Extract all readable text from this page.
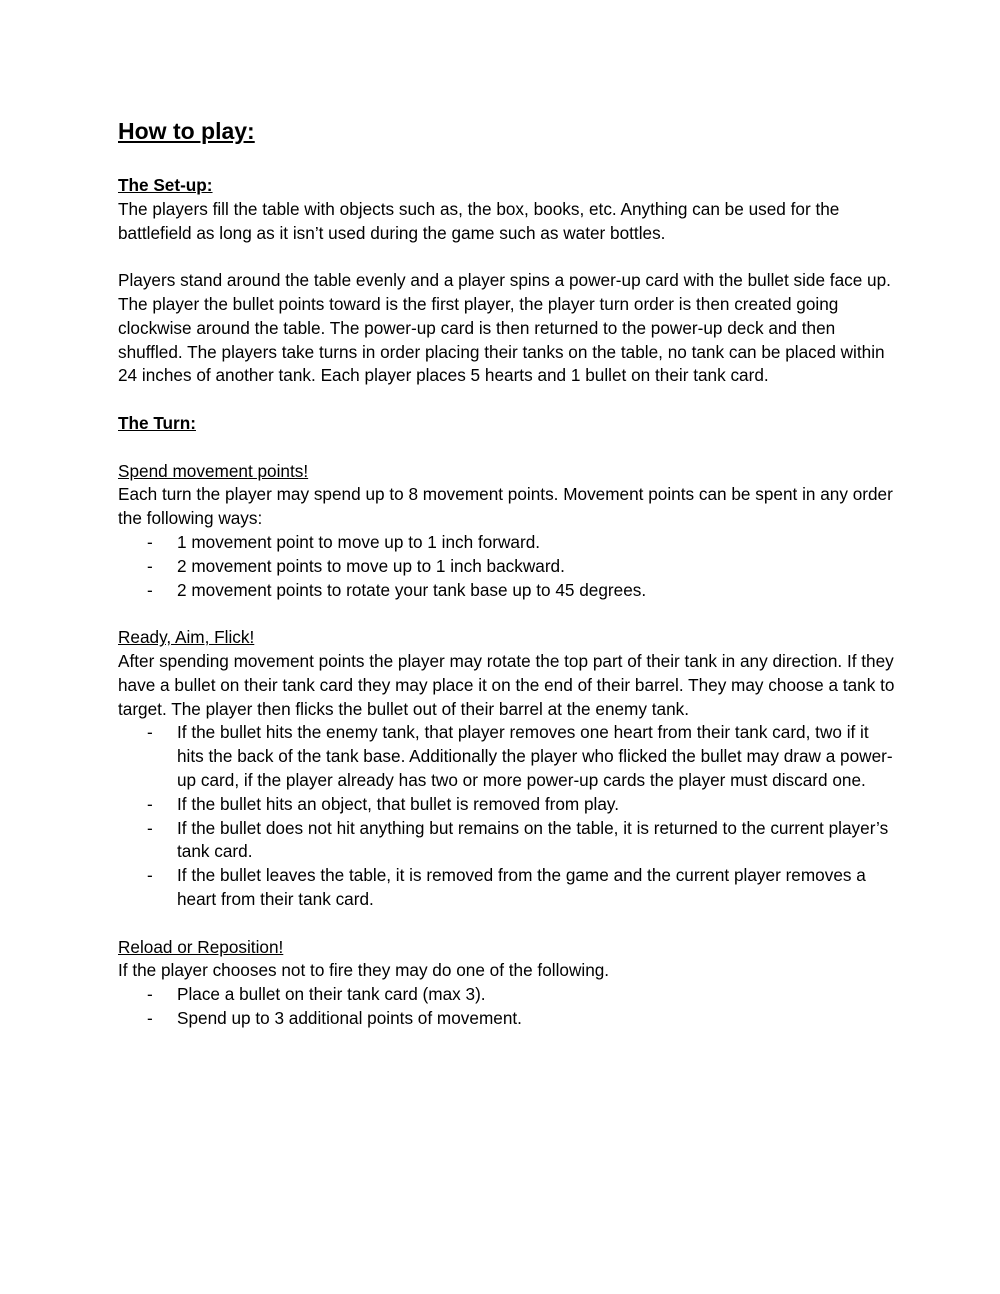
How to play:
The Set-up:

The players fill the table with objects such as, the box, books, etc. Anything can be used for the battlefield as long as it isn’t used during the game such as water bottles.

Players stand around the table evenly and a player spins a power-up card with the bullet side face up. The player the bullet points toward is the first player, the player turn order is then created going clockwise around the table. The power-up card is then returned to the power-up deck and then shuffled. The players take turns in order placing their tanks on the table, no tank can be placed within 24 inches of another tank. Each player places 5 hearts and 1 bullet on their tank card.

The Turn:
Spend movement points!

Each turn the player may spend up to 8 movement points. Movement points can be spent in any order the following ways:

- 1 movement point to move up to 1 inch forward.
- 2 movement points to move up to 1 inch backward.
- 2 movement points to rotate your tank base up to 45 degrees.
Ready, Aim, Flick!

After spending movement points the player may rotate the top part of their tank in any direction. If they have a bullet on their tank card they may place it on the end of their barrel. They may choose a tank to target. The player then flicks the bullet out of their barrel at the enemy tank.

- If the bullet hits the enemy tank, that player removes one heart from their tank card, two if it hits the back of the tank base. Additionally the player who flicked the bullet may draw a power-up card, if the player already has two or more power-up cards the player must discard one.
- If the bullet hits an object, that bullet is removed from play.
- If the bullet does not hit anything but remains on the table, it is returned to the current player’s tank card.
- If the bullet leaves the table, it is removed from the game and the current player removes a heart from their tank card.
Reload or Reposition!

If the player chooses not to fire they may do one of the following.

- Place a bullet on their tank card (max 3).
- Spend up to 3 additional points of movement.
